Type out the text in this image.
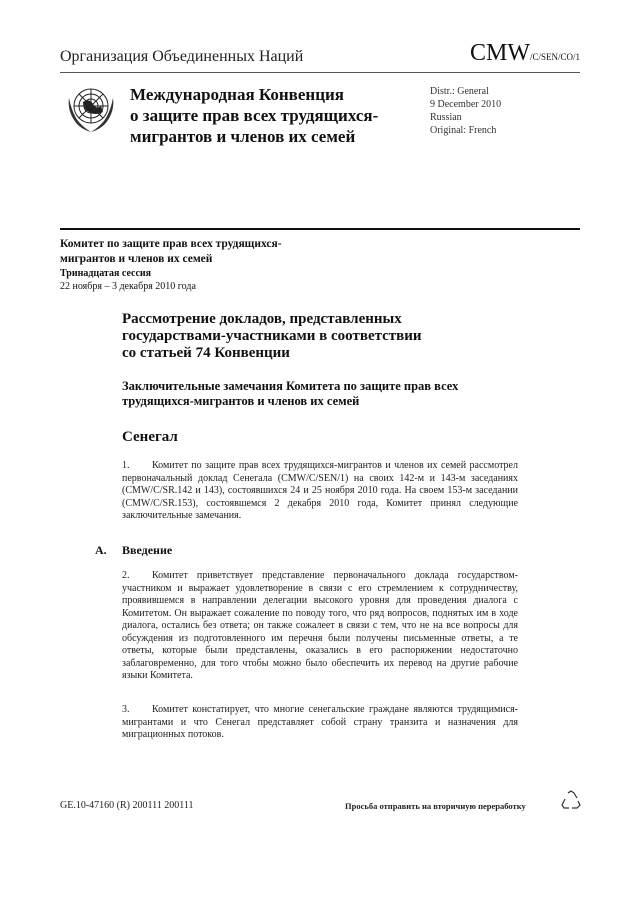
Организация Объединенных Наций	CMW/C/SEN/CO/1
Международная Конвенция
о защите прав всех трудящихся-
мигрантов и членов их семей
Distr.: General
9 December 2010
Russian
Original: French
Комитет по защите прав всех трудящихся-
мигрантов и членов их семей
Тринадцатая сессия
22 ноября – 3 декабря 2010 года
Рассмотрение докладов, представленных
государствами-участниками в соответствии
со статьей 74 Конвенции
Заключительные замечания Комитета по защите прав всех
трудящихся-мигрантов и членов их семей
Сенегал
1. Комитет по защите прав всех трудящихся-мигрантов и членов их семей рассмотрел первоначальный доклад Сенегала (CMW/C/SEN/1) на своих 142-м и 143-м заседаниях (CMW/C/SR.142 и 143), состоявшихся 24 и 25 ноября 2010 года. На своем 153-м заседании (CMW/C/SR.153), состоявшемся 2 декабря 2010 года, Комитет принял следующие заключительные замечания.
A. Введение
2. Комитет приветствует представление первоначального доклада государством-участником и выражает удовлетворение в связи с его стремлением к сотрудничеству, проявившемся в направлении делегации высокого уровня для проведения диалога с Комитетом. Он выражает сожаление по поводу того, что ряд вопросов, поднятых им в ходе диалога, остались без ответа; он также сожалеет в связи с тем, что не на все вопросы для обсуждения из подготовленного им перечня были получены письменные ответы, а те ответы, которые были представлены, оказались в его распоряжении недостаточно заблаговременно, для того чтобы можно было обеспечить их перевод на другие рабочие языки Комитета.
3. Комитет констатирует, что многие сенегальские граждане являются трудящимися-мигрантами и что Сенегал представляет собой страну транзита и назначения для миграционных потоков.
GE.10-47160 (R) 200111 200111	Просьба отправить на вторичную переработку
